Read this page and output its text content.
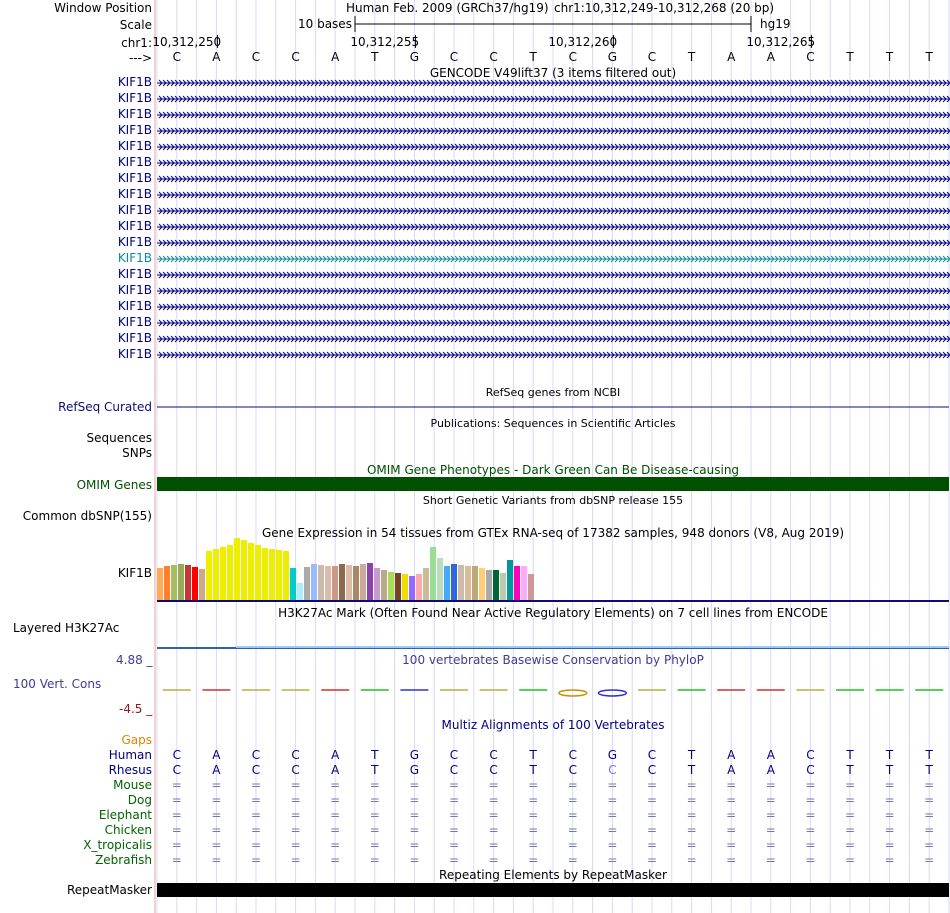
Window Position	Human Feb. 2009 (GRCh37/hg19) chr1:10,312,249-10,312,268 (20 bp)
Scale	10 bases	hg19
chr1:
--->
10,312,250	10,312,255	10,312,260	10,312,265
C	A	C	C	A	T	G	C	C	T	C	G	C	T	A	A	C	T	T	T
GENCODE V49lift37 (3 items filtered out)
KIF1B
KIF1B
KIF1B
KIF1B
KIF1B
KIF1B
KIF1B
KIF1B
KIF1B
KIF1B
KIF1B
KIF1B
KIF1B
KIF1B
KIF1B
KIF1B
KIF1B
KIF1B
RefSeq genes from NCBI
RefSeq Curated
Publications: Sequences in Scientific Articles
Sequences
SNPs
OMIM Gene Phenotypes - Dark Green Can Be Disease-causing
OMIM Genes
Short Genetic Variants from dbSNP release 155
Common dbSNP(155)
Gene Expression in 54 tissues from GTEx RNA-seq of 17382 samples, 948 donors (V8, Aug 2019)
KIF1B
H3K27Ac Mark (Often Found Near Active Regulatory Elements) on 7 cell lines from ENCODE
Layered H3K27Ac
100 vertebrates Basewise Conservation by PhyloP
4.88 _
100 Vert. Cons
-4.5 _
Multiz Alignments of 100 Vertebrates
Gaps
Human	C	A	C	C	A	T	G	C	C	T	C	G	C	T	A	A	C	T	T	T
Rhesus	C	A	C	C	A	T	G	C	C	T	C	C	C	T	A	A	C	T	T	T
Mouse	=	=	=	=	=	=	=	=	=	=	=	=	=	=	=	=	=	=	=	=
Dog	=	=	=	=	=	=	=	=	=	=	=	=	=	=	=	=	=	=	=	=
Elephant	=	=	=	=	=	=	=	=	=	=	=	=	=	=	=	=	=	=	=	=
Chicken	=	=	=	=	=	=	=	=	=	=	=	=	=	=	=	=	=	=	=	=
X_tropicalis	=	=	=	=	=	=	=	=	=	=	=	=	=	=	=	=	=	=	=	=
Zebrafish	=	=	=	=	=	=	=	=	=	=	=	=	=	=	=	=	=	=	=	=
Repeating Elements by RepeatMasker
RepeatMasker
